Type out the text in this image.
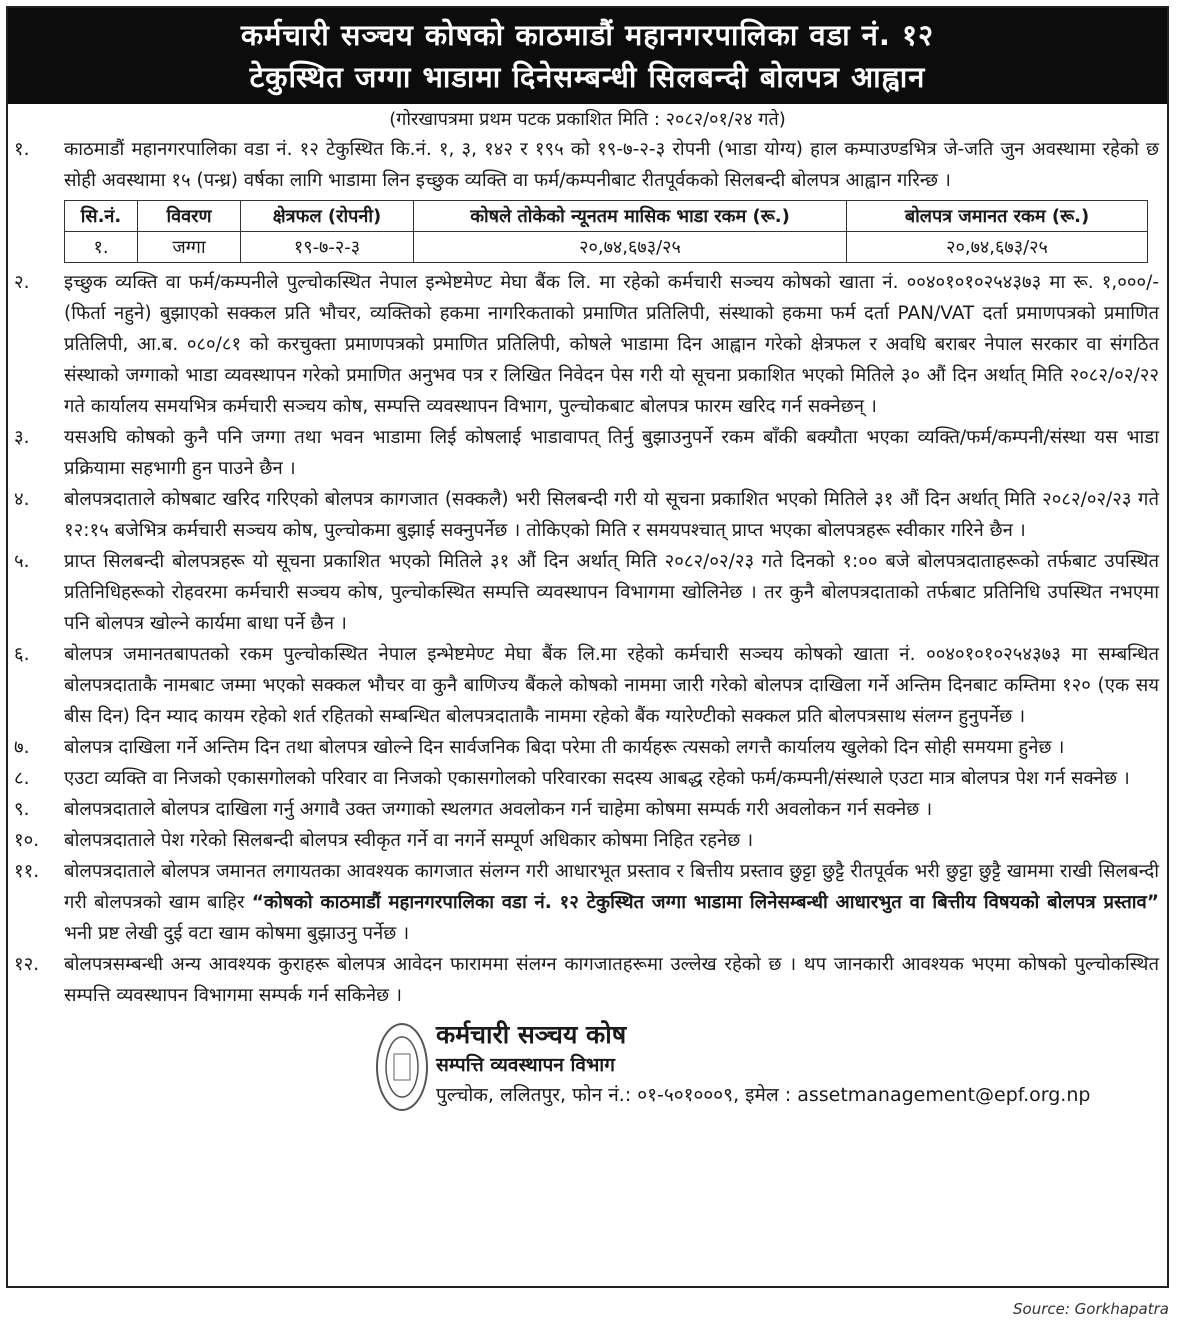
कर्मचारी सञ्चय कोषको काठमाडौं महानगरपालिका वडा नं. १२
टेकुस्थित जग्गा भाडामा दिनेसम्बन्धी सिलबन्दी बोलपत्र आह्वान
(गोरखापत्रमा प्रथम पटक प्रकाशित मिति : २०८२/०१/२४ गते)
१.	काठमाडौं महानगरपालिका वडा नं. १२ टेकुस्थित कि.नं. १, ३, १४२ र १९५ को १९-७-२-३ रोपनी (भाडा योग्य) हाल कम्पाउण्डभित्र जे-जति जुन अवस्थामा रहेको छ सोही अवस्थामा १५ (पन्ध्र) वर्षका लागि भाडामा लिन इच्छुक व्यक्ति वा फर्म/कम्पनीबाट रीतपूर्वकको सिलबन्दी बोलपत्र आह्वान गरिन्छ ।
सि.नं.	विवरण	क्षेत्रफल (रोपनी)	कोषले तोकेको न्यूनतम मासिक भाडा रकम (रू.)	बोलपत्र जमानत रकम (रू.)
१.	जग्गा	१९-७-२-३	२०,७४,६७३/२५	२०,७४,६७३/२५
२.	इच्छुक व्यक्ति वा फर्म/कम्पनीले पुल्चोकस्थित नेपाल इन्भेष्टमेण्ट मेघा बैंक लि. मा रहेको कर्मचारी सञ्चय कोषको खाता नं. ००४०१०१०२५४३७३ मा रू. १,०००/- (फिर्ता नहुने) बुझाएको सक्कल प्रति भौचर, व्यक्तिको हकमा नागरिकताको प्रमाणित प्रतिलिपी, संस्थाको हकमा फर्म दर्ता PAN/VAT दर्ता प्रमाणपत्रको प्रमाणित प्रतिलिपी, आ.ब. ०८०/८१ को करचुक्ता प्रमाणपत्रको प्रमाणित प्रतिलिपी, कोषले भाडामा दिन आह्वान गरेको क्षेत्रफल र अवधि बराबर नेपाल सरकार वा संगठित संस्थाको जग्गाको भाडा व्यवस्थापन गरेको प्रमाणित अनुभव पत्र र लिखित निवेदन पेस गरी यो सूचना प्रकाशित भएको मितिले ३० औं दिन अर्थात् मिति २०८२/०२/२२ गते कार्यालय समयभित्र कर्मचारी सञ्चय कोष, सम्पत्ति व्यवस्थापन विभाग, पुल्चोकबाट बोलपत्र फारम खरिद गर्न सक्नेछन् ।
३.	यसअघि कोषको कुनै पनि जग्गा तथा भवन भाडामा लिई कोषलाई भाडावापत् तिर्नु बुझाउनुपर्ने रकम बाँकी बक्यौता भएका व्यक्ति/फर्म/कम्पनी/संस्था यस भाडा प्रक्रियामा सहभागी हुन पाउने छैन ।
४.	बोलपत्रदाताले कोषबाट खरिद गरिएको बोलपत्र कागजात (सक्कलै) भरी सिलबन्दी गरी यो सूचना प्रकाशित भएको मितिले ३१ औं दिन अर्थात् मिति २०८२/०२/२३ गते १२:१५ बजेभित्र कर्मचारी सञ्चय कोष, पुल्चोकमा बुझाई सक्नुपर्नेछ । तोकिएको मिति र समयपश्चात् प्राप्त भएका बोलपत्रहरू स्वीकार गरिने छैन ।
५.	प्राप्त सिलबन्दी बोलपत्रहरू यो सूचना प्रकाशित भएको मितिले ३१ औं दिन अर्थात् मिति २०८२/०२/२३ गते दिनको १:०० बजे बोलपत्रदाताहरूको तर्फबाट उपस्थित प्रतिनिधिहरूको रोहवरमा कर्मचारी सञ्चय कोष, पुल्चोकस्थित सम्पत्ति व्यवस्थापन विभागमा खोलिनेछ । तर कुनै बोलपत्रदाताको तर्फबाट प्रतिनिधि उपस्थित नभएमा पनि बोलपत्र खोल्ने कार्यमा बाधा पर्ने छैन ।
६.	बोलपत्र जमानतबापतको रकम पुल्चोकस्थित नेपाल इन्भेष्टमेण्ट मेघा बैंक लि.मा रहेको कर्मचारी सञ्चय कोषको खाता नं. ००४०१०१०२५४३७३ मा सम्बन्धित बोलपत्रदाताकै नामबाट जम्मा भएको सक्कल भौचर वा कुनै बाणिज्य बैंकले कोषको नाममा जारी गरेको बोलपत्र दाखिला गर्ने अन्तिम दिनबाट कम्तिमा १२० (एक सय बीस दिन) दिन म्याद कायम रहेको शर्त रहितको सम्बन्धित बोलपत्रदाताकै नाममा रहेको बैंक ग्यारेण्टीको सक्कल प्रति बोलपत्रसाथ संलग्न हुनुपर्नेछ ।
७.	बोलपत्र दाखिला गर्ने अन्तिम दिन तथा बोलपत्र खोल्ने दिन सार्वजनिक बिदा परेमा ती कार्यहरू त्यसको लगत्तै कार्यालय खुलेको दिन सोही समयमा हुनेछ ।
८.	एउटा व्यक्ति वा निजको एकासगोलको परिवार वा निजको एकासगोलको परिवारका सदस्य आबद्ध रहेको फर्म/कम्पनी/संस्थाले एउटा मात्र बोलपत्र पेश गर्न सक्नेछ ।
९.	बोलपत्रदाताले बोलपत्र दाखिला गर्नु अगावै उक्त जग्गाको स्थलगत अवलोकन गर्न चाहेमा कोषमा सम्पर्क गरी अवलोकन गर्न सक्नेछ ।
१०.	बोलपत्रदाताले पेश गरेको सिलबन्दी बोलपत्र स्वीकृत गर्ने वा नगर्ने सम्पूर्ण अधिकार कोषमा निहित रहनेछ ।
११.	बोलपत्रदाताले बोलपत्र जमानत लगायतका आवश्यक कागजात संलग्न गरी आधारभूत प्रस्ताव र बित्तीय प्रस्ताव छुट्टा छुट्टै रीतपूर्वक भरी छुट्टा छुट्टै खाममा राखी सिलबन्दी गरी बोलपत्रको खाम बाहिर “कोषको काठमाडौं महानगरपालिका वडा नं. १२ टेकुस्थित जग्गा भाडामा लिनेसम्बन्धी आधारभुत वा बित्तीय विषयको बोलपत्र प्रस्ताव” भनी प्रष्ट लेखी दुई वटा खाम कोषमा बुझाउनु पर्नेछ ।
१२.	बोलपत्रसम्बन्धी अन्य आवश्यक कुराहरू बोलपत्र आवेदन फाराममा संलग्न कागजातहरूमा उल्लेख रहेको छ । थप जानकारी आवश्यक भएमा कोषको पुल्चोकस्थित सम्पत्ति व्यवस्थापन विभागमा सम्पर्क गर्न सकिनेछ ।
कर्मचारी सञ्चय कोष
सम्पत्ति व्यवस्थापन विभाग
पुल्चोक, ललितपुर, फोन नं.: ०१-५०१०००९, इमेल : assetmanagement@epf.org.np
Source: Gorkhapatra
